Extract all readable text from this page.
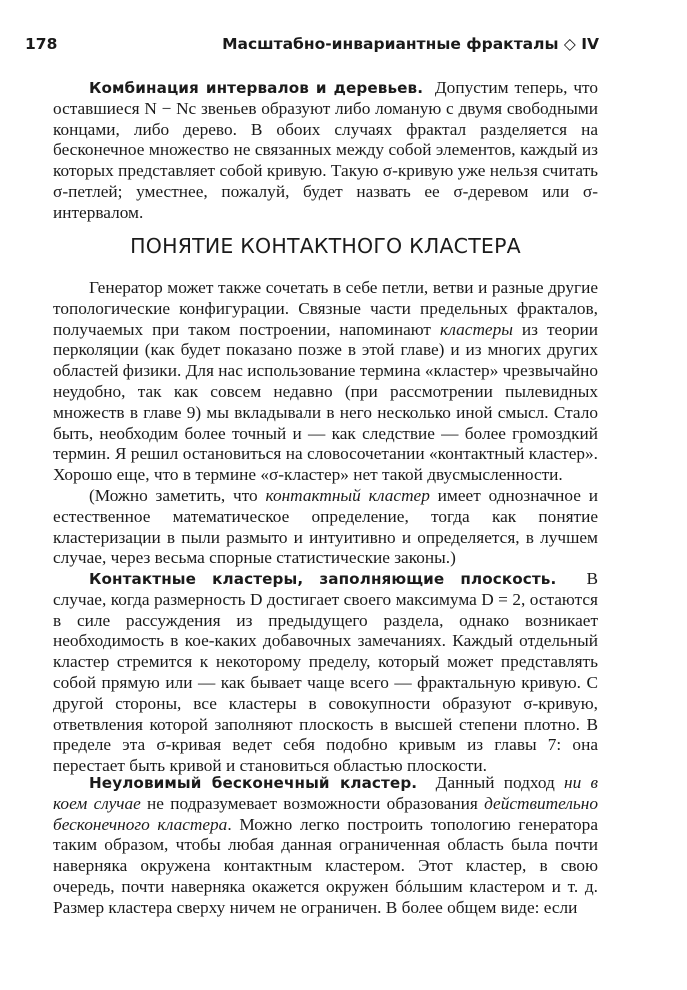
178	Масштабно-инвариантные фракталы ◇ IV

Комбинация интервалов и деревьев. Допустим теперь, что оставшиеся N − Nc звеньев образуют либо ломаную с двумя свободными концами, либо дерево. В обоих случаях фрактал разделяется на бесконечное множество не связанных между собой элементов, каждый из которых представляет собой кривую. Такую σ-кривую уже нельзя считать σ-петлей; уместнее, пожалуй, будет назвать ее σ-деревом или σ-интервалом.

ПОНЯТИЕ КОНТАКТНОГО КЛАСТЕРА

Генератор может также сочетать в себе петли, ветви и разные другие топологические конфигурации. Связные части предельных фракталов, получаемых при таком построении, напоминают кластеры из теории перколяции (как будет показано позже в этой главе) и из многих других областей физики. Для нас использование термина «кластер» чрезвычайно неудобно, так как совсем недавно (при рассмотрении пылевидных множеств в главе 9) мы вкладывали в него несколько иной смысл. Стало быть, необходим более точный и — как следствие — более громоздкий термин. Я решил остановиться на словосочетании «контактный кластер». Хорошо еще, что в термине «σ-кластер» нет такой двусмысленности.

(Можно заметить, что контактный кластер имеет однозначное и естественное математическое определение, тогда как понятие кластеризации в пыли размыто и интуитивно и определяется, в лучшем случае, через весьма спорные статистические законы.)

Контактные кластеры, заполняющие плоскость. В случае, когда размерность D достигает своего максимума D = 2, остаются в силе рассуждения из предыдущего раздела, однако возникает необходимость в кое-каких добавочных замечаниях. Каждый отдельный кластер стремится к некоторому пределу, который может представлять собой прямую или — как бывает чаще всего — фрактальную кривую. С другой стороны, все кластеры в совокупности образуют σ-кривую, ответвления которой заполняют плоскость в высшей степени плотно. В пределе эта σ-кривая ведет себя подобно кривым из главы 7: она перестает быть кривой и становиться областью плоскости.

Неуловимый бесконечный кластер. Данный подход ни в коем случае не подразумевает возможности образования действительно бесконечного кластера. Можно легко построить топологию генератора таким образом, чтобы любая данная ограниченная область была почти наверняка окружена контактным кластером. Этот кластер, в свою очередь, почти наверняка окажется окружен бóльшим кластером и т. д. Размер кластера сверху ничем не ограничен. В более общем виде: если
